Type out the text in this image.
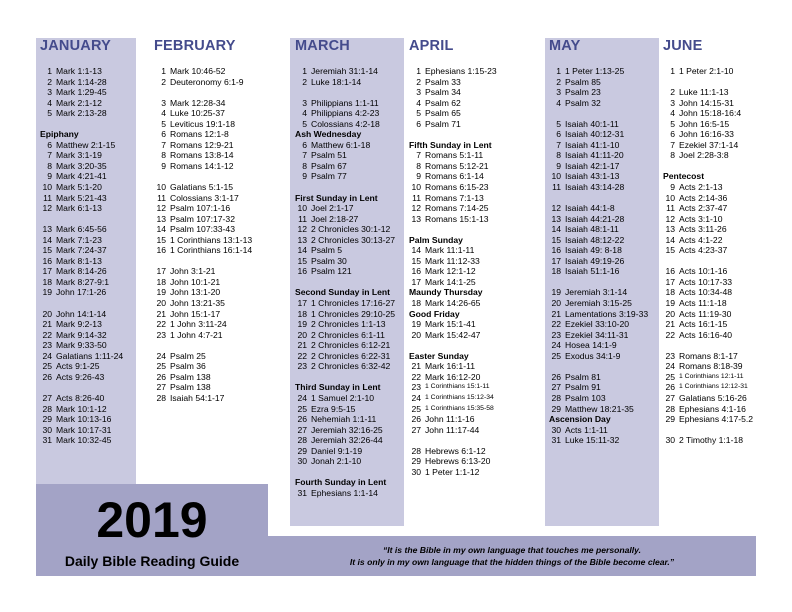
JANUARY
1 Mark 1:1-13
2 Mark 1:14-28
3 Mark 1:29-45
4 Mark 2:1-12
5 Mark 2:13-28
Epiphany
6 Matthew 2:1-15
7 Mark 3:1-19
8 Mark 3:20-35
9 Mark 4:21-41
10 Mark 5:1-20
11 Mark 5:21-43
12 Mark 6:1-13
13 Mark 6:45-56
14 Mark 7:1-23
15 Mark 7:24-37
16 Mark 8:1-13
17 Mark 8:14-26
18 Mark 8:27-9:1
19 John 17:1-26
20 John 14:1-14
21 Mark 9:2-13
22 Mark 9:14-32
23 Mark 9:33-50
24 Galatians 1:11-24
25 Acts 9:1-25
26 Acts 9:26-43
27 Acts 8:26-40
28 Mark 10:1-12
29 Mark 10:13-16
30 Mark 10:17-31
31 Mark 10:32-45
FEBRUARY
1 Mark 10:46-52
2 Deuteronomy 6:1-9
3 Mark 12:28-34
4 Luke 10:25-37
5 Leviticus 19:1-18
6 Romans 12:1-8
7 Romans 12:9-21
8 Romans 13:8-14
9 Romans 14:1-12
10 Galatians 5:1-15
11 Colossians 3:1-17
12 Psalm 107:1-16
13 Psalm 107:17-32
14 Psalm 107:33-43
15 1 Corinthians 13:1-13
16 1 Corinthians 16:1-14
17 John 3:1-21
18 John 10:1-21
19 John 13:1-20
20 John 13:21-35
21 John 15:1-17
22 1 John 3:11-24
23 1 John 4:7-21
24 Psalm 25
25 Psalm 36
26 Psalm 138
27 Psalm 138
28 Isaiah 54:1-17
MARCH
1 Jeremiah 31:1-14
2 Luke 18:1-14
3 Philippians 1:1-11
4 Philippians 4:2-23
5 Colossians 4:2-18
Ash Wednesday
6 Matthew 6:1-18
7 Psalm 51
8 Psalm 67
9 Psalm 77
First Sunday in Lent
10 Joel 2:1-17
11 Joel 2:18-27
12 2 Chronicles 30:1-12
13 2 Chronicles 30:13-27
14 Psalm 5
15 Psalm 30
16 Psalm 121
Second Sunday in Lent
17 1 Chronicles 17:16-27
18 1 Chronicles 29:10-25
19 2 Chronicles 1:1-13
20 2 Chronicles 6:1-11
21 2 Chronicles 6:12-21
22 2 Chronicles 6:22-31
23 2 Chronicles 6:32-42
Third Sunday in Lent
24 1 Samuel 2:1-10
25 Ezra 9:5-15
26 Nehemiah 1:1-11
27 Jeremiah 32:16-25
28 Jeremiah 32:26-44
29 Daniel 9:1-19
30 Jonah 2:1-10
Fourth Sunday in Lent
31 Ephesians 1:1-14
APRIL
1 Ephesians 1:15-23
2 Psalm 33
3 Psalm 34
4 Psalm 62
5 Psalm 65
6 Psalm 71
Fifth Sunday in Lent
7 Romans 5:1-11
8 Romans 5:12-21
9 Romans 6:1-14
10 Romans 6:15-23
11 Romans 7:1-13
12 Romans 7:14-25
13 Romans 15:1-13
Palm Sunday
14 Mark 11:1-11
15 Mark 11:12-33
16 Mark 12:1-12
17 Mark 14:1-25
Maundy Thursday
18 Mark 14:26-65
Good Friday
19 Mark 15:1-41
20 Mark 15:42-47
Easter Sunday
21 Mark 16:1-11
22 Mark 16:12-20
23 1 Corinthians 15:1-11
24 1 Corinthians 15:12-34
25 1 Corinthians 15:35-58
26 John 11:1-16
27 John 11:17-44
28 Hebrews 6:1-12
29 Hebrews 6:13-20
30 1 Peter 1:1-12
MAY
1 1 Peter 1:13-25
2 Psalm 85
3 Psalm 23
4 Psalm 32
5 Isaiah 40:1-11
6 Isaiah 40:12-31
7 Isaiah 41:1-10
8 Isaiah 41:11-20
9 Isaiah 42:1-17
10 Isaiah 43:1-13
11 Isaiah 43:14-28
12 Isaiah 44:1-8
13 Isaiah 44:21-28
14 Isaiah 48:1-11
15 Isaiah 48:12-22
16 Isaiah 49: 8-18
17 Isaiah 49:19-26
18 Isaiah 51:1-16
19 Jeremiah 3:1-14
20 Jeremiah 3:15-25
21 Lamentations 3:19-33
22 Ezekiel 33:10-20
23 Ezekiel 34:11-31
24 Hosea 14:1-9
25 Exodus 34:1-9
26 Psalm 81
27 Psalm 91
28 Psalm 103
29 Matthew 18:21-35
Ascension Day
30 Acts 1:1-11
31 Luke 15:11-32
JUNE
1 1 Peter 2:1-10
2 Luke 11:1-13
3 John 14:15-31
4 John 15:18-16:4
5 John 16:5-15
6 John 16:16-33
7 Ezekiel 37:1-14
8 Joel 2:28-3:8
Pentecost
9 Acts 2:1-13
10 Acts 2:14-36
11 Acts 2:37-47
12 Acts 3:1-10
13 Acts 3:11-26
14 Acts 4:1-22
15 Acts 4:23-37
16 Acts 10:1-16
17 Acts 10:17-33
18 Acts 10:34-48
19 Acts 11:1-18
20 Acts 11:19-30
21 Acts 16:1-15
22 Acts 16:16-40
23 Romans 8:1-17
24 Romans 8:18-39
25 1 Corinthians 12:1-11
26 1 Corinthians 12:12-31
27 Galatians 5:16-26
28 Ephesians 4:1-16
29 Ephesians 4:17-5.2
30 2 Timothy 1:1-18
2019
Daily Bible Reading Guide
“It is the Bible in my own language that touches me personally.
It is only in my own language that the hidden things of the Bible become clear.”
